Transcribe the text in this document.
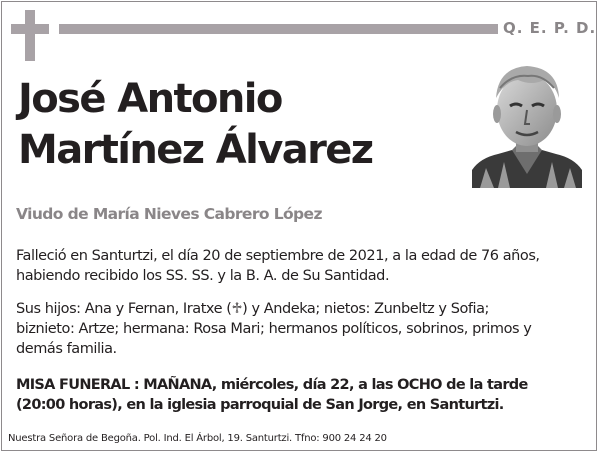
Q. E. P. D.
José Antonio
Martínez Álvarez
Viudo de María Nieves Cabrero López

Falleció en Santurtzi, el día 20 de septiembre de 2021, a la edad de 76 años,
habiendo recibido los SS. SS. y la B. A. de Su Santidad.

Sus hijos: Ana y Fernan, Iratxe (♱) y Andeka; nietos: Zunbeltz y Sofia;
biznieto: Artze; hermana: Rosa Mari; hermanos políticos, sobrinos, primos y
demás familia.

MISA FUNERAL : MAÑANA, miércoles, día 22, a las OCHO de la tarde
(20:00 horas), en la iglesia parroquial de San Jorge, en Santurtzi.

Nuestra Señora de Begoña. Pol. Ind. El Árbol, 19. Santurtzi. Tfno: 900 24 24 20
